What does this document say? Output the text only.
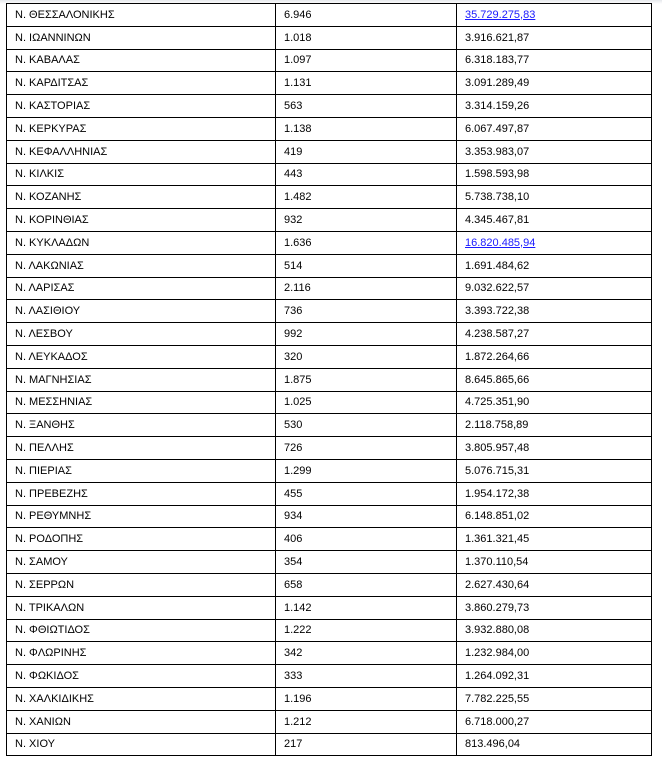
Ν. ΘΕΣΣΑΛΟΝΙΚΗΣ	6.946	35.729.275,83
Ν. ΙΩΑΝΝΙΝΩΝ	1.018	3.916.621,87
Ν. ΚΑΒΑΛΑΣ	1.097	6.318.183,77
Ν. ΚΑΡΔΙΤΣΑΣ	1.131	3.091.289,49
Ν. ΚΑΣΤΟΡΙΑΣ	563	3.314.159,26
Ν. ΚΕΡΚΥΡΑΣ	1.138	6.067.497,87
Ν. ΚΕΦΑΛΛΗΝΙΑΣ	419	3.353.983,07
Ν. ΚΙΛΚΙΣ	443	1.598.593,98
Ν. ΚΟΖΑΝΗΣ	1.482	5.738.738,10
Ν. ΚΟΡΙΝΘΙΑΣ	932	4.345.467,81
Ν. ΚΥΚΛΑΔΩΝ	1.636	16.820.485,94
Ν. ΛΑΚΩΝΙΑΣ	514	1.691.484,62
Ν. ΛΑΡΙΣΑΣ	2.116	9.032.622,57
Ν. ΛΑΣΙΘΙΟΥ	736	3.393.722,38
Ν. ΛΕΣΒΟΥ	992	4.238.587,27
Ν. ΛΕΥΚΑΔΟΣ	320	1.872.264,66
Ν. ΜΑΓΝΗΣΙΑΣ	1.875	8.645.865,66
Ν. ΜΕΣΣΗΝΙΑΣ	1.025	4.725.351,90
Ν. ΞΑΝΘΗΣ	530	2.118.758,89
Ν. ΠΕΛΛΗΣ	726	3.805.957,48
Ν. ΠΙΕΡΙΑΣ	1.299	5.076.715,31
Ν. ΠΡΕΒΕΖΗΣ	455	1.954.172,38
Ν. ΡΕΘΥΜΝΗΣ	934	6.148.851,02
Ν. ΡΟΔΟΠΗΣ	406	1.361.321,45
Ν. ΣΑΜΟΥ	354	1.370.110,54
Ν. ΣΕΡΡΩΝ	658	2.627.430,64
Ν. ΤΡΙΚΑΛΩΝ	1.142	3.860.279,73
Ν. ΦΘΙΩΤΙΔΟΣ	1.222	3.932.880,08
Ν. ΦΛΩΡΙΝΗΣ	342	1.232.984,00
Ν. ΦΩΚΙΔΟΣ	333	1.264.092,31
Ν. ΧΑΛΚΙΔΙΚΗΣ	1.196	7.782.225,55
Ν. ΧΑΝΙΩΝ	1.212	6.718.000,27
Ν. ΧΙΟΥ	217	813.496,04
